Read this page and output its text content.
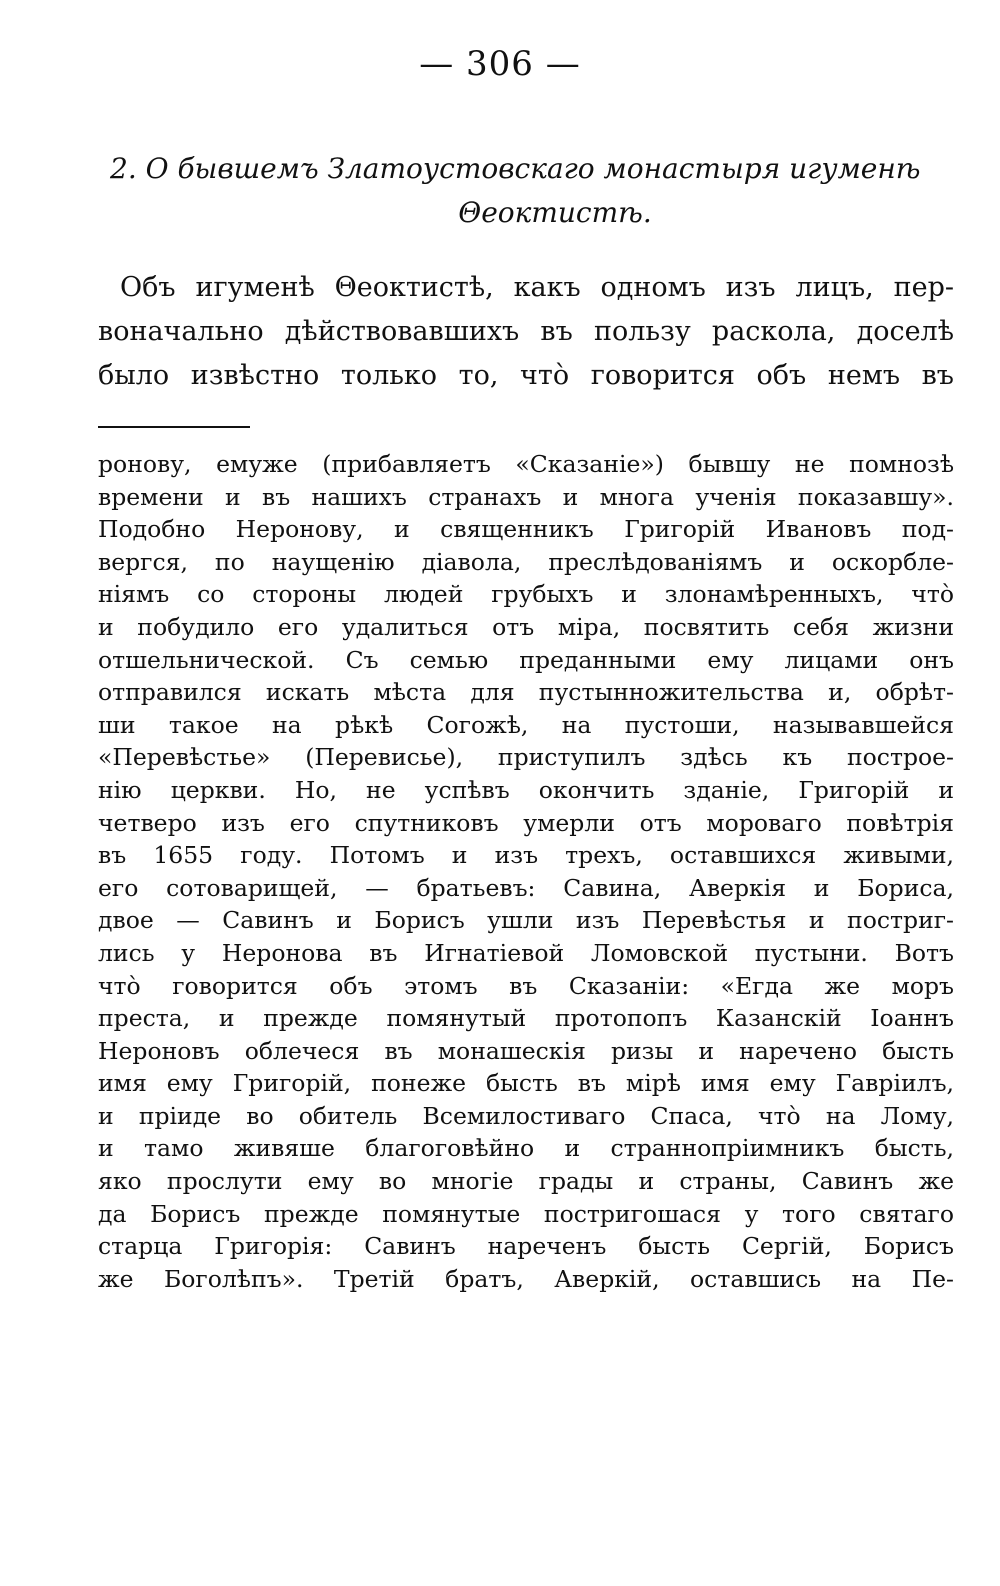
— 306 —
2. О бывшемъ Златоустовскаго монастыря игуменѣ
Θеоктистѣ.
Объ игуменѣ Θеоктистѣ, какъ одномъ изъ лицъ, пер-
воначально дѣйствовавшихъ въ пользу раскола, доселѣ
было извѣстно только то, что̀ говорится объ немъ въ
ронову, емуже (прибавляетъ «Сказаніе») бывшу не помнозѣ
времени и въ нашихъ странахъ и многа ученія показавшу».
Подобно Неронову, и священникъ Григорій Ивановъ под-
вергся, по наущенію діавола, преслѣдованіямъ и оскорбле-
ніямъ со стороны людей грубыхъ и злонамѣренныхъ, что̀
и побудило его удалиться отъ міра, посвятить себя жизни
отшельнической. Съ семью преданными ему лицами онъ
отправился искать мѣста для пустынножительства и, обрѣт-
ши такое на рѣкѣ Согожѣ, на пустоши, называвшейся
«Перевѣстье» (Перевисье), приступилъ здѣсь къ построе-
нію церкви. Но, не успѣвъ окончить зданіе, Григорій и
четверо изъ его спутниковъ умерли отъ мороваго повѣтрія
въ 1655 году. Потомъ и изъ трехъ, оставшихся живыми,
его сотоварищей, — братьевъ: Савина, Аверкія и Бориса,
двое — Савинъ и Борисъ ушли изъ Перевѣстья и постриг-
лись у Неронова въ Игнатіевой Ломовской пустыни. Вотъ
что̀ говорится объ этомъ въ Сказаніи: «Егда же моръ
преста, и прежде помянутый протопопъ Казанскій Іоаннъ
Нероновъ облечеся въ монашескія ризы и наречено бысть
имя ему Григорій, понеже бысть въ мірѣ имя ему Гавріилъ,
и пріиде во обитель Всемилостиваго Спаса, что̀ на Лому,
и тамо живяше благоговѣйно и страннопріимникъ бысть,
яко прослути ему во многіе грады и страны, Савинъ же
да Борисъ прежде помянутые постригошася у того святаго
старца Григорія: Савинъ нареченъ бысть Сергій, Борисъ
же Боголѣпъ». Третій братъ, Аверкій, оставшись на Пе-
